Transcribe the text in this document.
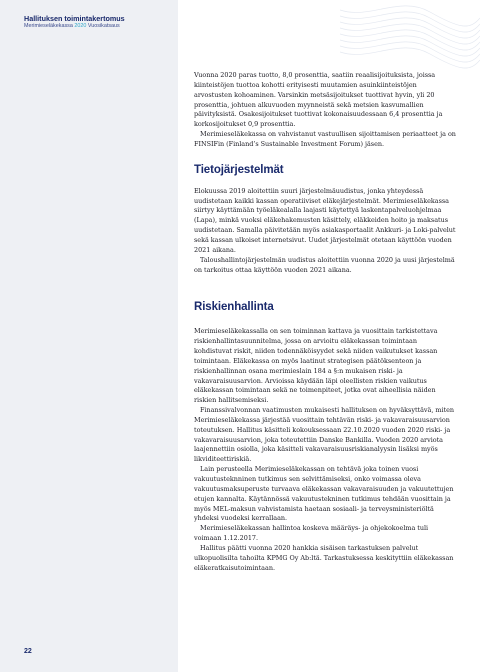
Hallituksen toimintakertomus
Merimieseläkekassa 2020 Vuosikatsaus

Vuonna 2020 paras tuotto, 8,0 prosenttia, saatiin reaalisijoituksista, joissa kiinteistöjen tuottoa kohotti erityisesti muutamien asuinkiinteistöjen arvostusten kohoaminen. Varsinkin metsäsijoitukset tuottivat hyvin, yli 20 prosenttia, johtuen alkuvuoden myynneistä sekä metsien kasvumallien päivityksistä. Osakesijoitukset tuottivat kokonaisuudessaan 6,4 prosenttia ja korkosijoitukset 0,9 prosenttia.

Merimieseläkekassa on vahvistanut vastuullisen sijoittamisen periaatteet ja on FINSIFin (Finland’s Sustainable Investment Forum) jäsen.

Tietojärjestelmät

Elokuussa 2019 aloitettiin suuri järjestelmäuudistus, jonka yhteydessä uudistetaan kaikki kassan operatiiviset eläkejärjestelmät. Merimieseläkekassa siirtyy käyttämään työeläkealalla laajasti käytettyä laskentapalveluohjelmaa (Lapa), minkä vuoksi eläkehakemusten käsittely, eläkkeiden hoito ja maksatus uudistetaan. Samalla päivitetään myös asiakasportaalit Ankkuri- ja Loki-palvelut sekä kassan ulkoiset internetsivut. Uudet järjestelmät otetaan käyttöön vuoden 2021 aikana.

Taloushallintojärjestelmän uudistus aloitettiin vuonna 2020 ja uusi järjestelmä on tarkoitus ottaa käyttöön vuoden 2021 aikana.

Riskienhallinta

Merimieseläkekassalla on sen toiminnan kattava ja vuosittain tarkistettava riskienhallintasuunnitelma, jossa on arvioitu eläkekassan toimintaan kohdistuvat riskit, niiden todennäköisyydet sekä niiden vaikutukset kassan toimintaan. Eläkekassa on myös laatinut strategisen päätöksenteon ja riskienhallinnan osana merimieslain 184 a §:n mukaisen riski- ja vakavaraisuusarvion. Arvioissa käydään läpi oleellisten riskien vaikutus eläkekassan toimintaan sekä ne toimenpiteet, jotka ovat aiheellisia näiden riskien hallitsemiseksi.

Finanssivalvonnan vaatimusten mukaisesti hallituksen on hyväksyttävä, miten Merimieseläkekassa järjestää vuosittain tehtävän riski- ja vakavaraisuusarvion toteutuksen. Hallitus käsitteli kokouksessaan 22.10.2020 vuoden 2020 riski- ja vakavaraisuusarvion, joka toteutettiin Danske Bankilla. Vuoden 2020 arviota laajennettiin osiolla, joka käsitteli vakavaraisuusriskianalyysin lisäksi myös likviditeettiriskiä.

Lain perusteella Merimieseläkekassan on tehtävä joka toinen vuosi vakuutusteknninen tutkimus sen selvittämiseksi, onko voimassa oleva vakuutusmaksuperuste turvaava eläkekassan vakavaraisuuden ja vakuutettujen etujen kannalta. Käytännössä vakuutustekninen tutkimus tehdään vuosittain ja myös MEL-maksun vahvistamista haetaan sosiaali- ja terveysministeriöltä yhdeksi vuodeksi kerrallaan.

Merimieseläkekassan hallintoa koskeva määräys- ja ohjekokoelma tuli voimaan 1.12.2017.

Hallitus päätti vuonna 2020 hankkia sisäisen tarkastuksen palvelut ulkopuolisilta tahoilta KPMG Oy Ab:ltä. Tarkastuksessa keskityttiin eläkekassan eläkeratkaisutoimintaan.

22
